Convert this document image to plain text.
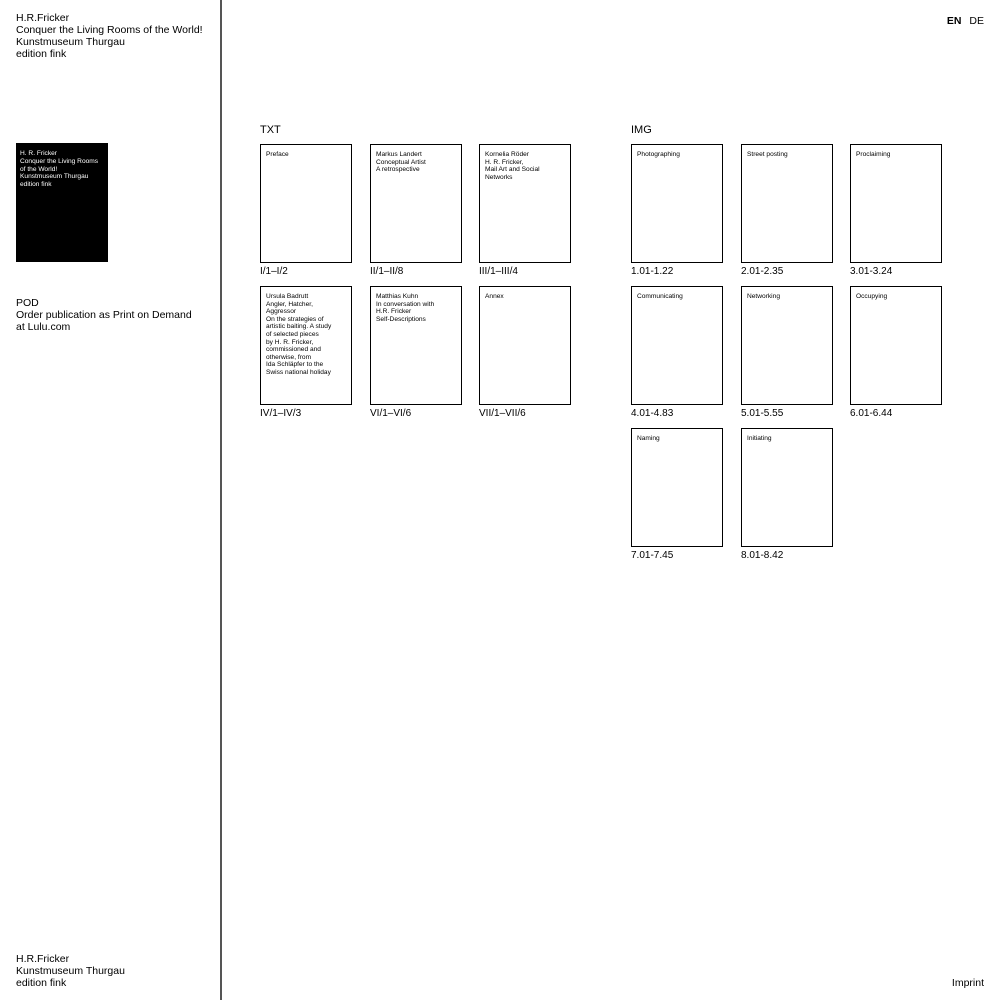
H.R.Fricker
Conquer the Living Rooms of the World!
Kunstmuseum Thurgau
edition fink
H. R. Fricker
Conquer the Living Rooms
of the World!
Kunstmuseum Thurgau
edition fink
POD
Order publication as Print on Demand
at Lulu.com
H.R.Fricker
Kunstmuseum Thurgau
edition fink
EN DE
TXT	IMG
Preface
I/1–I/2
Markus Landert
Conceptual Artist
A retrospective
II/1–II/8
Kornelia Röder
H. R. Fricker,
Mail Art and Social
Networks
III/1–III/4
Ursula Badrutt
Angler, Hatcher,
Aggressor
On the strategies of
artistic baiting. A study
of selected pieces
by H. R. Fricker,
commissioned and
otherwise, from
Ida Schläpfer to the
Swiss national holiday
IV/1–IV/3
Matthias Kuhn
In conversation with
H.R. Fricker
Self-Descriptions
VI/1–VI/6
Annex
VII/1–VII/6
Photographing
1.01-1.22
Street posting
2.01-2.35
Proclaiming
3.01-3.24
Communicating
4.01-4.83
Networking
5.01-5.55
Occupying
6.01-6.44
Naming
7.01-7.45
Initiating
8.01-8.42
Imprint
